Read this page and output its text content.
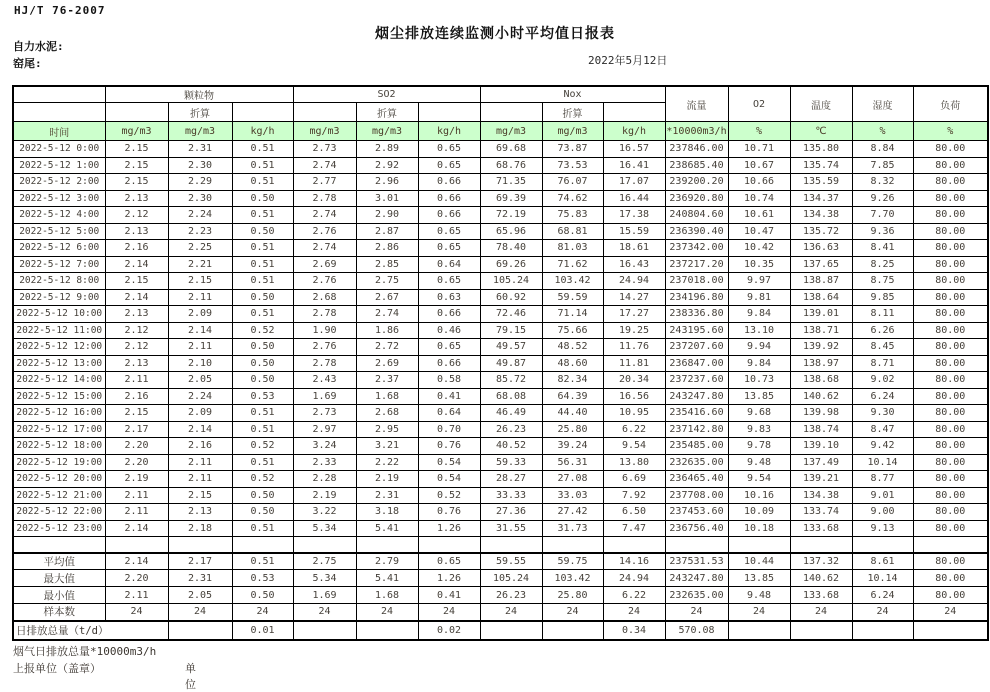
HJ/T 76-2007
烟尘排放连续监测小时平均值日报表
自力水泥:
窑尾:	2022年5月12日
	颗粒物			SO2			Nox			流量	O2	温度	湿度	负荷
		折算			折算			折算						
时间	mg/m3	mg/m3	kg/h	mg/m3	mg/m3	kg/h	mg/m3	mg/m3	kg/h	*10000m3/h	%	℃	%	%
2022-5-12 0:00	2.15	2.31	0.51	2.73	2.89	0.65	69.68	73.87	16.57	237846.00	10.71	135.80	8.84	80.00
2022-5-12 1:00	2.15	2.30	0.51	2.74	2.92	0.65	68.76	73.53	16.41	238685.40	10.67	135.74	7.85	80.00
2022-5-12 2:00	2.15	2.29	0.51	2.77	2.96	0.66	71.35	76.07	17.07	239200.20	10.66	135.59	8.32	80.00
2022-5-12 3:00	2.13	2.30	0.50	2.78	3.01	0.66	69.39	74.62	16.44	236920.80	10.74	134.37	9.26	80.00
2022-5-12 4:00	2.12	2.24	0.51	2.74	2.90	0.66	72.19	75.83	17.38	240804.60	10.61	134.38	7.70	80.00
2022-5-12 5:00	2.13	2.23	0.50	2.76	2.87	0.65	65.96	68.81	15.59	236390.40	10.47	135.72	9.36	80.00
2022-5-12 6:00	2.16	2.25	0.51	2.74	2.86	0.65	78.40	81.03	18.61	237342.00	10.42	136.63	8.41	80.00
2022-5-12 7:00	2.14	2.21	0.51	2.69	2.85	0.64	69.26	71.62	16.43	237217.20	10.35	137.65	8.25	80.00
2022-5-12 8:00	2.15	2.15	0.51	2.76	2.75	0.65	105.24	103.42	24.94	237018.00	9.97	138.87	8.75	80.00
2022-5-12 9:00	2.14	2.11	0.50	2.68	2.67	0.63	60.92	59.59	14.27	234196.80	9.81	138.64	9.85	80.00
2022-5-12 10:00	2.13	2.09	0.51	2.78	2.74	0.66	72.46	71.14	17.27	238336.80	9.84	139.01	8.11	80.00
2022-5-12 11:00	2.12	2.14	0.52	1.90	1.86	0.46	79.15	75.66	19.25	243195.60	13.10	138.71	6.26	80.00
2022-5-12 12:00	2.12	2.11	0.50	2.76	2.72	0.65	49.57	48.52	11.76	237207.60	9.94	139.92	8.45	80.00
2022-5-12 13:00	2.13	2.10	0.50	2.78	2.69	0.66	49.87	48.60	11.81	236847.00	9.84	138.97	8.71	80.00
2022-5-12 14:00	2.11	2.05	0.50	2.43	2.37	0.58	85.72	82.34	20.34	237237.60	10.73	138.68	9.02	80.00
2022-5-12 15:00	2.16	2.24	0.53	1.69	1.68	0.41	68.08	64.39	16.56	243247.80	13.85	140.62	6.24	80.00
2022-5-12 16:00	2.15	2.09	0.51	2.73	2.68	0.64	46.49	44.40	10.95	235416.60	9.68	139.98	9.30	80.00
2022-5-12 17:00	2.17	2.14	0.51	2.97	2.95	0.70	26.23	25.80	6.22	237142.80	9.83	138.74	8.47	80.00
2022-5-12 18:00	2.20	2.16	0.52	3.24	3.21	0.76	40.52	39.24	9.54	235485.00	9.78	139.10	9.42	80.00
2022-5-12 19:00	2.20	2.11	0.51	2.33	2.22	0.54	59.33	56.31	13.80	232635.00	9.48	137.49	10.14	80.00
2022-5-12 20:00	2.19	2.11	0.52	2.28	2.19	0.54	28.27	27.08	6.69	236465.40	9.54	139.21	8.77	80.00
2022-5-12 21:00	2.11	2.15	0.50	2.19	2.31	0.52	33.33	33.03	7.92	237708.00	10.16	134.38	9.01	80.00
2022-5-12 22:00	2.11	2.13	0.50	3.22	3.18	0.76	27.36	27.42	6.50	237453.60	10.09	133.74	9.00	80.00
2022-5-12 23:00	2.14	2.18	0.51	5.34	5.41	1.26	31.55	31.73	7.47	236756.40	10.18	133.68	9.13	80.00

平均值	2.14	2.17	0.51	2.75	2.79	0.65	59.55	59.75	14.16	237531.53	10.44	137.32	8.61	80.00
最大值	2.20	2.31	0.53	5.34	5.41	1.26	105.24	103.42	24.94	243247.80	13.85	140.62	10.14	80.00
最小值	2.11	2.05	0.50	1.69	1.68	0.41	26.23	25.80	6.22	232635.00	9.48	133.68	6.24	80.00
样本数	24	24	24	24	24	24	24	24	24	24	24	24	24	24
日排放总量（t/d）			0.01			0.02			0.34	570.08				
烟气日排放总量*10000m3/h
上报单位（盖章）	单位
